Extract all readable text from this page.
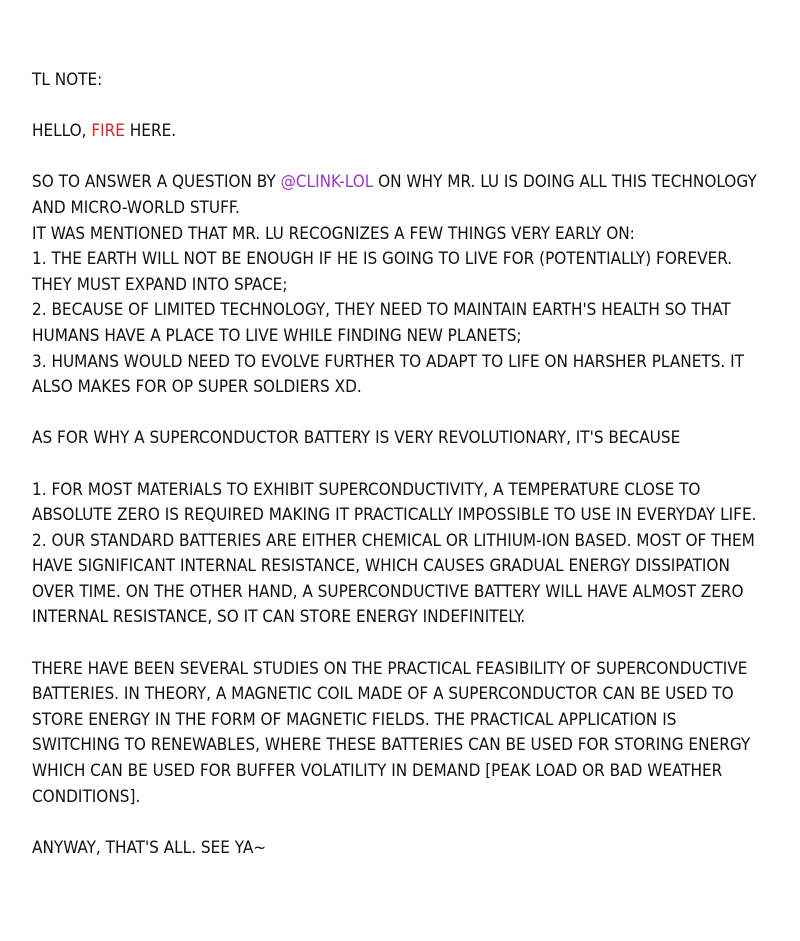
TL NOTE:

HELLO, FIRE HERE.

SO TO ANSWER A QUESTION BY @CLINK-LOL ON WHY MR. LU IS DOING ALL THIS TECHNOLOGY AND MICRO-WORLD STUFF.

IT WAS MENTIONED THAT MR. LU RECOGNIZES A FEW THINGS VERY EARLY ON:

1. THE EARTH WILL NOT BE ENOUGH IF HE IS GOING TO LIVE FOR (POTENTIALLY) FOREVER. THEY MUST EXPAND INTO SPACE;

2. BECAUSE OF LIMITED TECHNOLOGY, THEY NEED TO MAINTAIN EARTH'S HEALTH SO THAT HUMANS HAVE A PLACE TO LIVE WHILE FINDING NEW PLANETS;

3. HUMANS WOULD NEED TO EVOLVE FURTHER TO ADAPT TO LIFE ON HARSHER PLANETS. IT ALSO MAKES FOR OP SUPER SOLDIERS XD.

AS FOR WHY A SUPERCONDUCTOR BATTERY IS VERY REVOLUTIONARY, IT'S BECAUSE

1. FOR MOST MATERIALS TO EXHIBIT SUPERCONDUCTIVITY, A TEMPERATURE CLOSE TO ABSOLUTE ZERO IS REQUIRED MAKING IT PRACTICALLY IMPOSSIBLE TO USE IN EVERYDAY LIFE.

2. OUR STANDARD BATTERIES ARE EITHER CHEMICAL OR LITHIUM-ION BASED. MOST OF THEM HAVE SIGNIFICANT INTERNAL RESISTANCE, WHICH CAUSES GRADUAL ENERGY DISSIPATION OVER TIME. ON THE OTHER HAND, A SUPERCONDUCTIVE BATTERY WILL HAVE ALMOST ZERO INTERNAL RESISTANCE, SO IT CAN STORE ENERGY INDEFINITELY.

THERE HAVE BEEN SEVERAL STUDIES ON THE PRACTICAL FEASIBILITY OF SUPERCONDUCTIVE BATTERIES. IN THEORY, A MAGNETIC COIL MADE OF A SUPERCONDUCTOR CAN BE USED TO STORE ENERGY IN THE FORM OF MAGNETIC FIELDS. THE PRACTICAL APPLICATION IS SWITCHING TO RENEWABLES, WHERE THESE BATTERIES CAN BE USED FOR STORING ENERGY WHICH CAN BE USED FOR BUFFER VOLATILITY IN DEMAND [PEAK LOAD OR BAD WEATHER CONDITIONS].

ANYWAY, THAT'S ALL. SEE YA~
